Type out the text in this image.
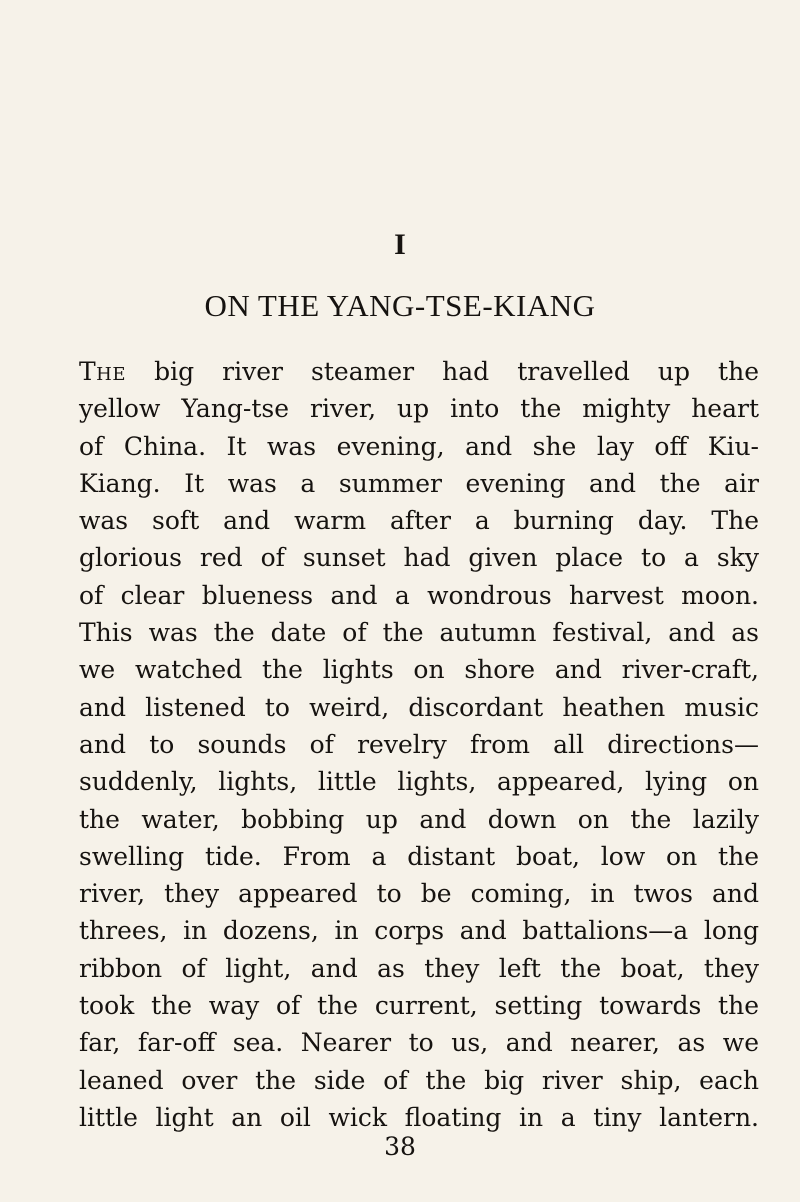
I
ON THE YANG-TSE-KIANG
The big river steamer had travelled up the
yellow Yang-tse river, up into the mighty heart
of China. It was evening, and she lay off Kiu-
Kiang. It was a summer evening and the air
was soft and warm after a burning day. The
glorious red of sunset had given place to a sky
of clear blueness and a wondrous harvest moon.
This was the date of the autumn festival, and as
we watched the lights on shore and river-craft,
and listened to weird, discordant heathen music
and to sounds of revelry from all directions—
suddenly, lights, little lights, appeared, lying on
the water, bobbing up and down on the lazily
swelling tide. From a distant boat, low on the
river, they appeared to be coming, in twos and
threes, in dozens, in corps and battalions—a long
ribbon of light, and as they left the boat, they
took the way of the current, setting towards the
far, far-off sea. Nearer to us, and nearer, as we
leaned over the side of the big river ship, each
little light an oil wick floating in a tiny lantern.
38
